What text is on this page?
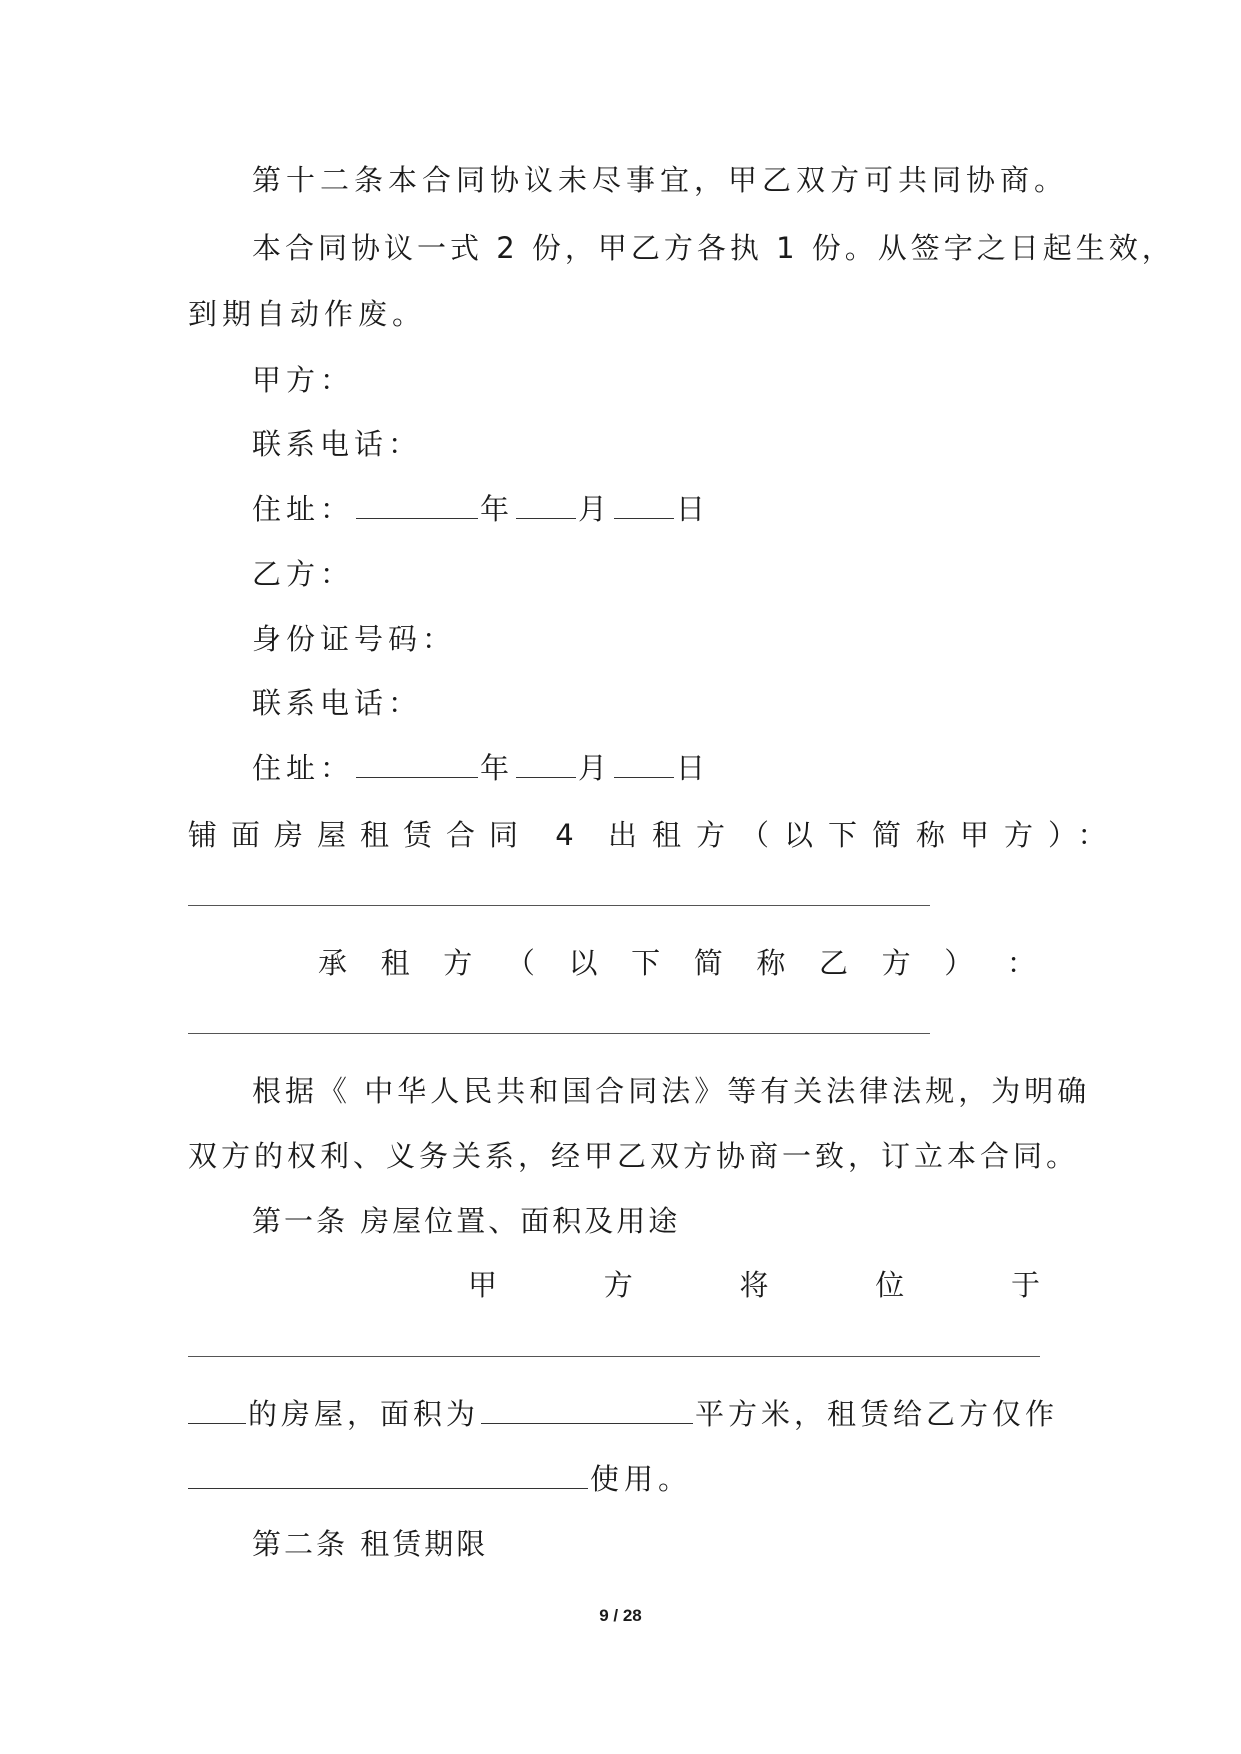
第十二条本合同协议未尽事宜，甲乙双方可共同协商。
本合同协议一式 2 份，甲乙方各执 1 份。从签字之日起生效，
到期自动作废。
甲方：
联系电话：
住址：	年 月 日
乙方：
身份证号码：
联系电话：
住址：	年 月 日
铺面房屋租赁合同 4 出租方（以下简称甲方）：
承 租 方 （ 以 下 简 称 乙 方 ） ：
根据《 中华人民共和国合同法》等有关法律法规，为明确
双方的权利、义务关系，经甲乙双方协商一致，订立本合同。
第一条 房屋位置、面积及用途
甲	方	将	位	于
的房屋，面积为	平方米，租赁给乙方仅作
使用。
第二条 租赁期限
9 / 28
